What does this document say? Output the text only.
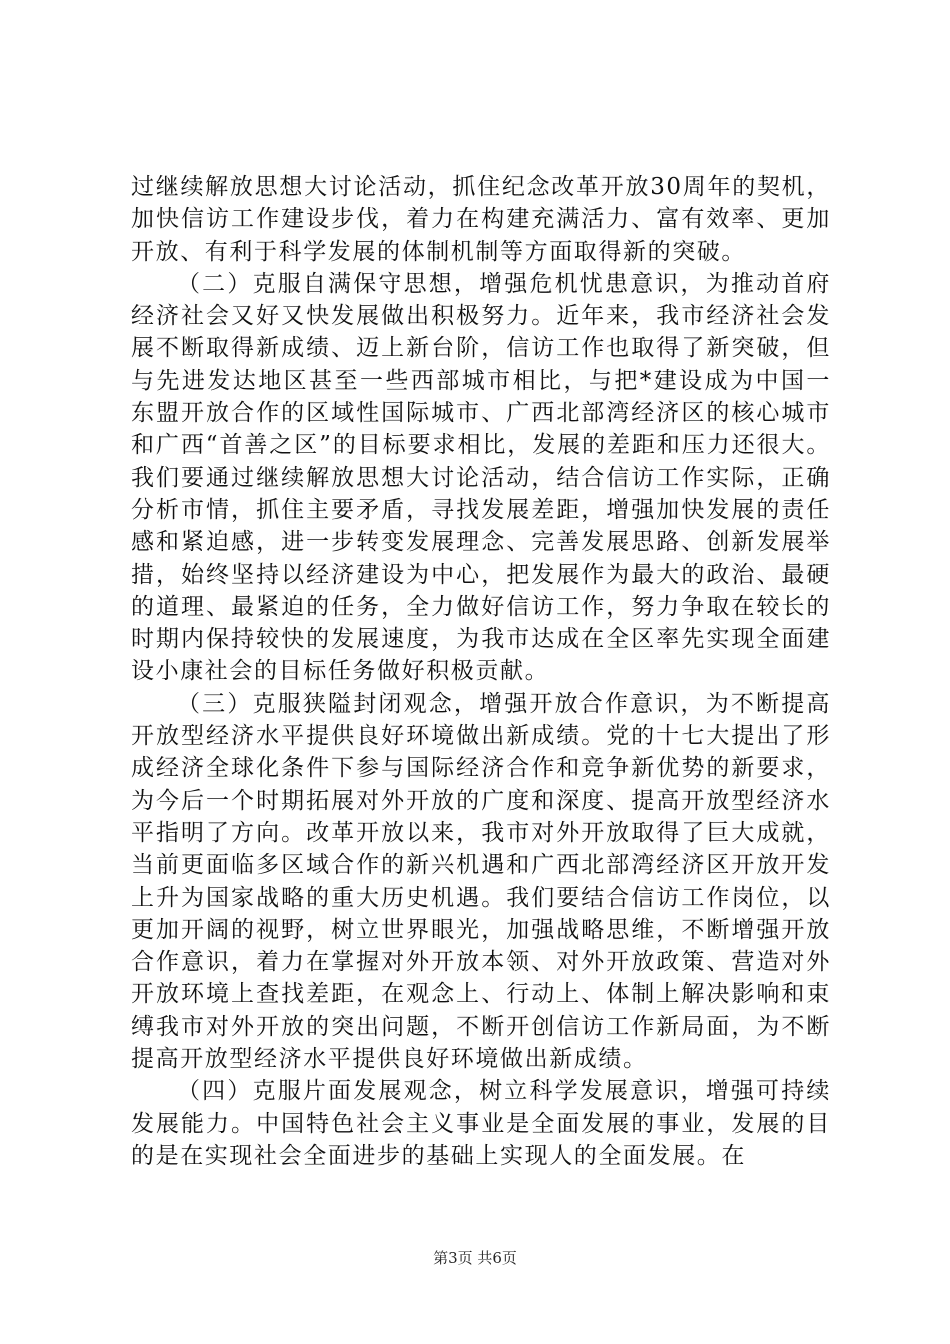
过继续解放思想大讨论活动，抓住纪念改革开放30周年的契机，加快信访工作建设步伐，着力在构建充满活力、富有效率、更加开放、有利于科学发展的体制机制等方面取得新的突破。

（二）克服自满保守思想，增强危机忧患意识，为推动首府经济社会又好又快发展做出积极努力。近年来，我市经济社会发展不断取得新成绩、迈上新台阶，信访工作也取得了新突破，但与先进发达地区甚至一些西部城市相比，与把*建设成为中国一东盟开放合作的区域性国际城市、广西北部湾经济区的核心城市和广西“首善之区”的目标要求相比，发展的差距和压力还很大。我们要通过继续解放思想大讨论活动，结合信访工作实际，正确分析市情，抓住主要矛盾，寻找发展差距，增强加快发展的责任感和紧迫感，进一步转变发展理念、完善发展思路、创新发展举措，始终坚持以经济建设为中心，把发展作为最大的政治、最硬的道理、最紧迫的任务，全力做好信访工作，努力争取在较长的时期内保持较快的发展速度，为我市达成在全区率先实现全面建设小康社会的目标任务做好积极贡献。

（三）克服狭隘封闭观念，增强开放合作意识，为不断提高开放型经济水平提供良好环境做出新成绩。党的十七大提出了形成经济全球化条件下参与国际经济合作和竞争新优势的新要求，为今后一个时期拓展对外开放的广度和深度、提高开放型经济水平指明了方向。改革开放以来，我市对外开放取得了巨大成就，当前更面临多区域合作的新兴机遇和广西北部湾经济区开放开发上升为国家战略的重大历史机遇。我们要结合信访工作岗位，以更加开阔的视野，树立世界眼光，加强战略思维，不断增强开放合作意识，着力在掌握对外开放本领、对外开放政策、营造对外开放环境上查找差距，在观念上、行动上、体制上解决影响和束缚我市对外开放的突出问题，不断开创信访工作新局面，为不断提高开放型经济水平提供良好环境做出新成绩。

（四）克服片面发展观念，树立科学发展意识，增强可持续发展能力。中国特色社会主义事业是全面发展的事业，发展的目的是在实现社会全面进步的基础上实现人的全面发展。在

第3页 共6页
